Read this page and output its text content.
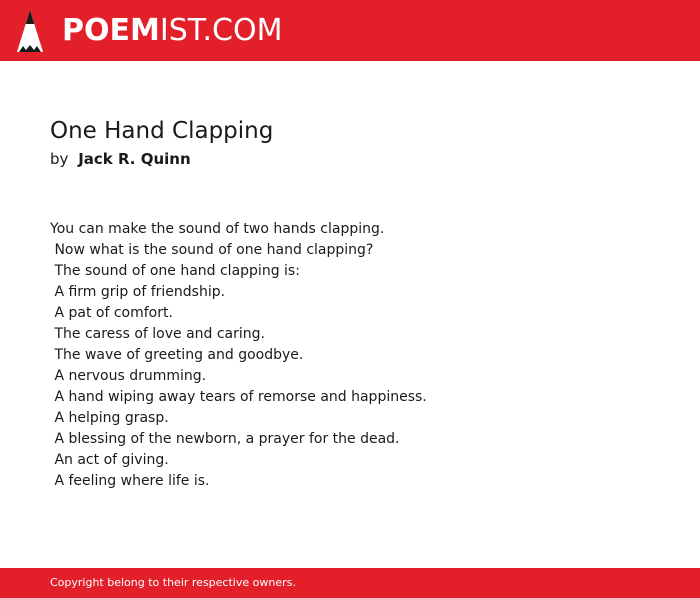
POEMIST.COM
One Hand Clapping
by Jack R. Quinn
You can make the sound of two hands clapping.
Now what is the sound of one hand clapping?
The sound of one hand clapping is:
A firm grip of friendship.
A pat of comfort.
The caress of love and caring.
The wave of greeting and goodbye.
A nervous drumming.
A hand wiping away tears of remorse and happiness.
A helping grasp.
A blessing of the newborn, a prayer for the dead.
An act of giving.
A feeling where life is.
Copyright belong to their respective owners.
